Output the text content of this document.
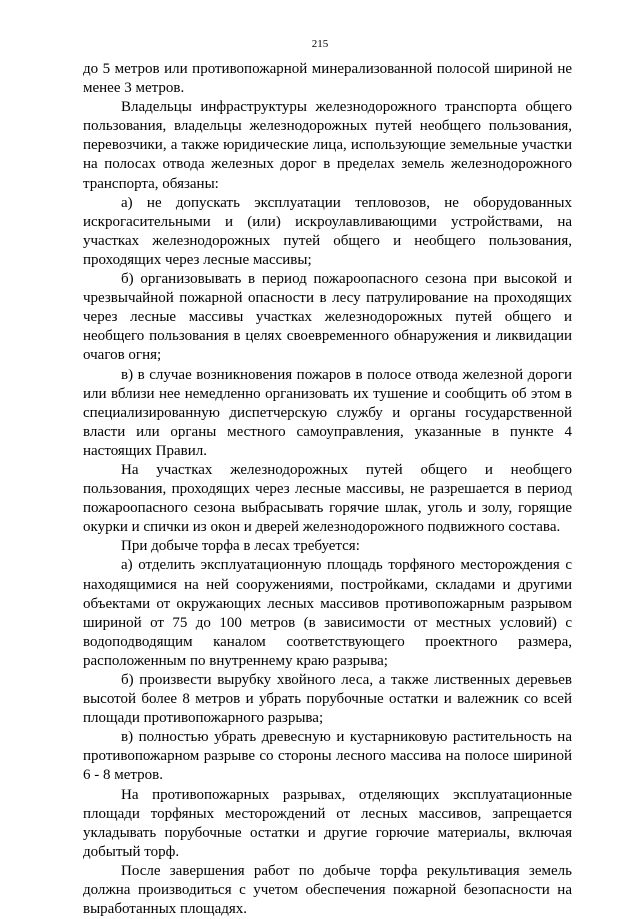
215

до 5 метров или противопожарной минерализованной полосой шириной не менее 3 метров.

Владельцы инфраструктуры железнодорожного транспорта общего пользования, владельцы железнодорожных путей необщего пользования, перевозчики, а также юридические лица, использующие земельные участки на полосах отвода железных дорог в пределах земель железнодорожного транспорта, обязаны:

а) не допускать эксплуатации тепловозов, не оборудованных искрогасительными и (или) искроулавливающими устройствами, на участках железнодорожных путей общего и необщего пользования, проходящих через лесные массивы;

б) организовывать в период пожароопасного сезона при высокой и чрезвычайной пожарной опасности в лесу патрулирование на проходящих через лесные массивы участках железнодорожных путей общего и необщего пользования в целях своевременного обнаружения и ликвидации очагов огня;

в) в случае возникновения пожаров в полосе отвода железной дороги или вблизи нее немедленно организовать их тушение и сообщить об этом в специализированную диспетчерскую службу и органы государственной власти или органы местного самоуправления, указанные в пункте 4 настоящих Правил.

На участках железнодорожных путей общего и необщего пользования, проходящих через лесные массивы, не разрешается в период пожароопасного сезона выбрасывать горячие шлак, уголь и золу, горящие окурки и спички из окон и дверей железнодорожного подвижного состава.

При добыче торфа в лесах требуется:

а) отделить эксплуатационную площадь торфяного месторождения с находящимися на ней сооружениями, постройками, складами и другими объектами от окружающих лесных массивов противопожарным разрывом шириной от 75 до 100 метров (в зависимости от местных условий) с водоподводящим каналом соответствующего проектного размера, расположенным по внутреннему краю разрыва;

б) произвести вырубку хвойного леса, а также лиственных деревьев высотой более 8 метров и убрать порубочные остатки и валежник со всей площади противопожарного разрыва;

в) полностью убрать древесную и кустарниковую растительность на противопожарном разрыве со стороны лесного массива на полосе шириной 6 - 8 метров.

На противопожарных разрывах, отделяющих эксплуатационные площади торфяных месторождений от лесных массивов, запрещается укладывать порубочные остатки и другие горючие материалы, включая добытый торф.

После завершения работ по добыче торфа рекультивация земель должна производиться с учетом обеспечения пожарной безопасности на выработанных площадях.
